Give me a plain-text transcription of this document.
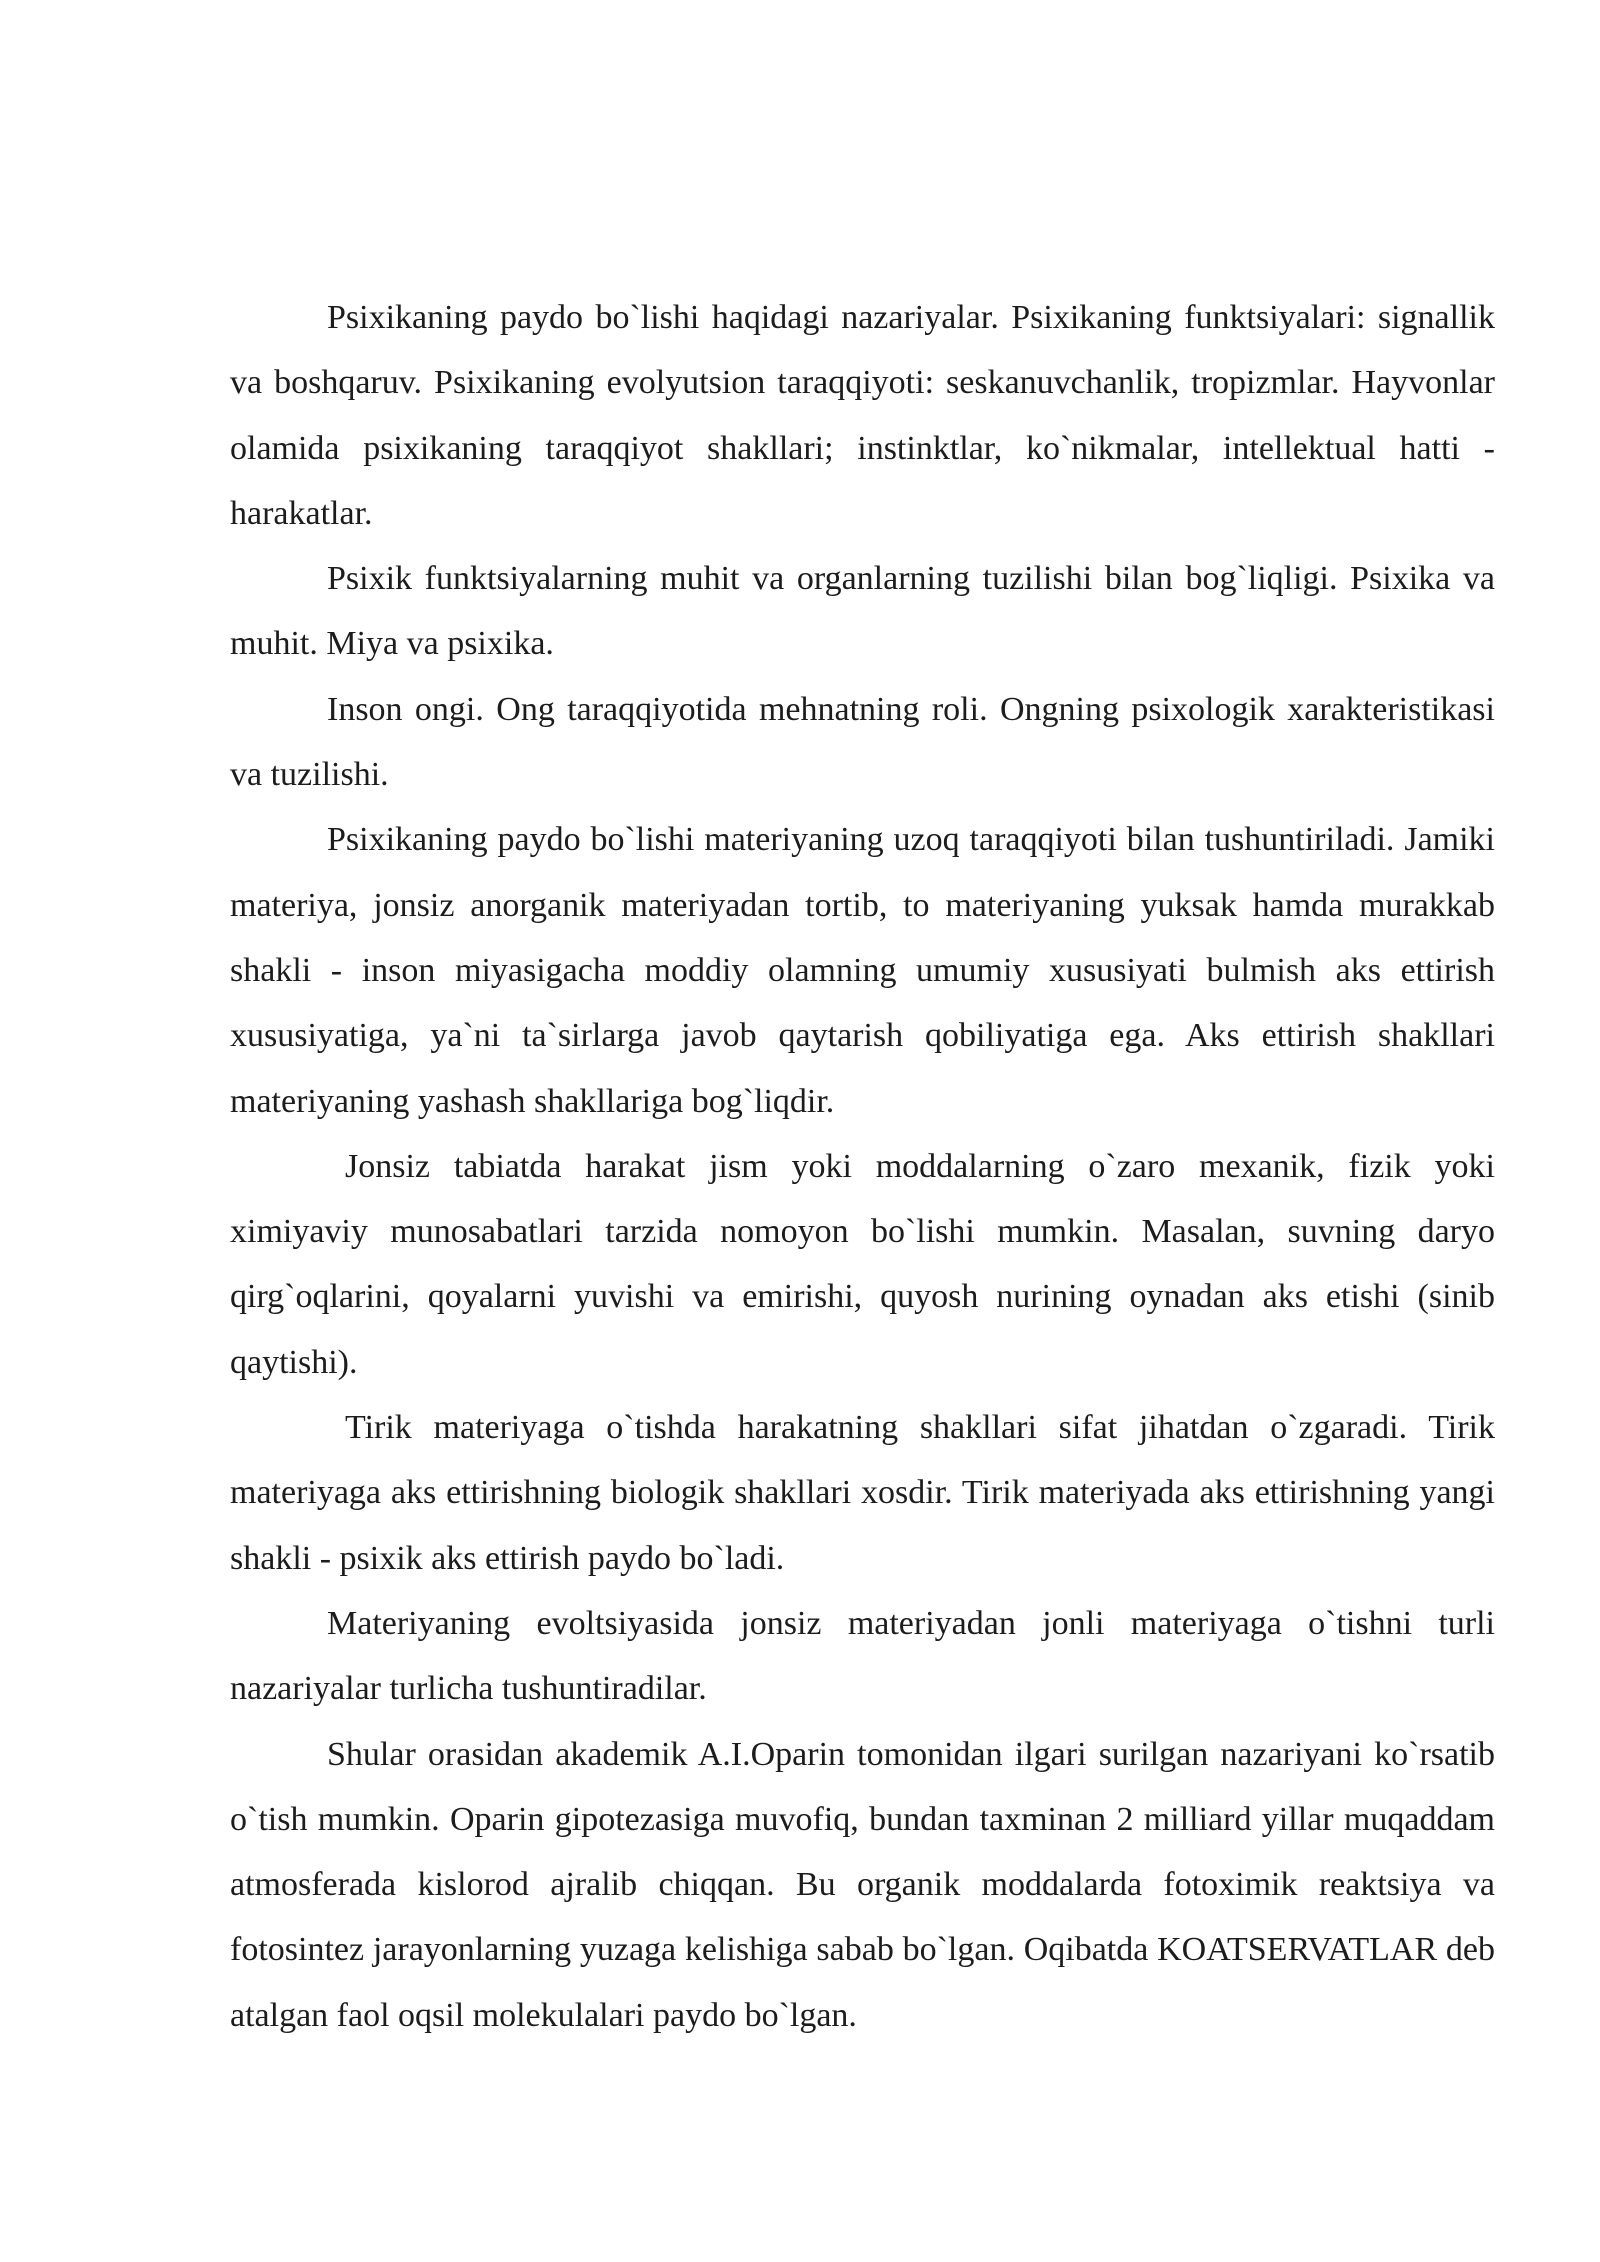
Psixikaning paydo bo`lishi haqidagi nazariyalar. Psixikaning funktsiyalari: signallik va boshqaruv. Psixikaning evolyutsion taraqqiyoti: seskanuvchanlik, tropizmlar. Hayvonlar olamida psixikaning taraqqiyot shakllari; instinktlar, ko`nikmalar, intellektual hatti - harakatlar.

Psixik funktsiyalarning muhit va organlarning tuzilishi bilan bog`liqligi. Psixika va muhit. Miya va psixika.

Inson ongi. Ong taraqqiyotida mehnatning roli. Ongning psixologik xarakteristikasi va tuzilishi.

Psixikaning paydo bo`lishi materiyaning uzoq taraqqiyoti bilan tushuntiriladi. Jamiki materiya, jonsiz anorganik materiyadan tortib, to materiyaning yuksak hamda murakkab shakli - inson miyasigacha moddiy olamning umumiy xususiyati bulmish aks ettirish xususiyatiga, ya`ni ta`sirlarga javob qaytarish qobiliyatiga ega. Aks ettirish shakllari materiyaning yashash shakllariga bog`liqdir.

Jonsiz tabiatda harakat jism yoki moddalarning o`zaro mexanik, fizik yoki ximiyaviy munosabatlari tarzida nomoyon bo`lishi mumkin. Masalan, suvning daryo qirg`oqlarini, qoyalarni yuvishi va emirishi, quyosh nurining oynadan aks etishi (sinib qaytishi).

Tirik materiyaga o`tishda harakatning shakllari sifat jihatdan o`zgaradi. Tirik materiyaga aks ettirishning biologik shakllari xosdir. Tirik materiyada aks ettirishning yangi shakli - psixik aks ettirish paydo bo`ladi.

Materiyaning evoltsiyasida jonsiz materiyadan jonli materiyaga o`tishni turli nazariyalar turlicha tushuntiradilar.

Shular orasidan akademik A.I.Oparin tomonidan ilgari surilgan nazariyani ko`rsatib o`tish mumkin. Oparin gipotezasiga muvofiq, bundan taxminan 2 milliard yillar muqaddam atmosferada kislorod ajralib chiqqan. Bu organik moddalarda fotoximik reaktsiya va fotosintez jarayonlarning yuzaga kelishiga sabab bo`lgan. Oqibatda KOATSERVATLAR deb atalgan faol oqsil molekulalari paydo bo`lgan.
